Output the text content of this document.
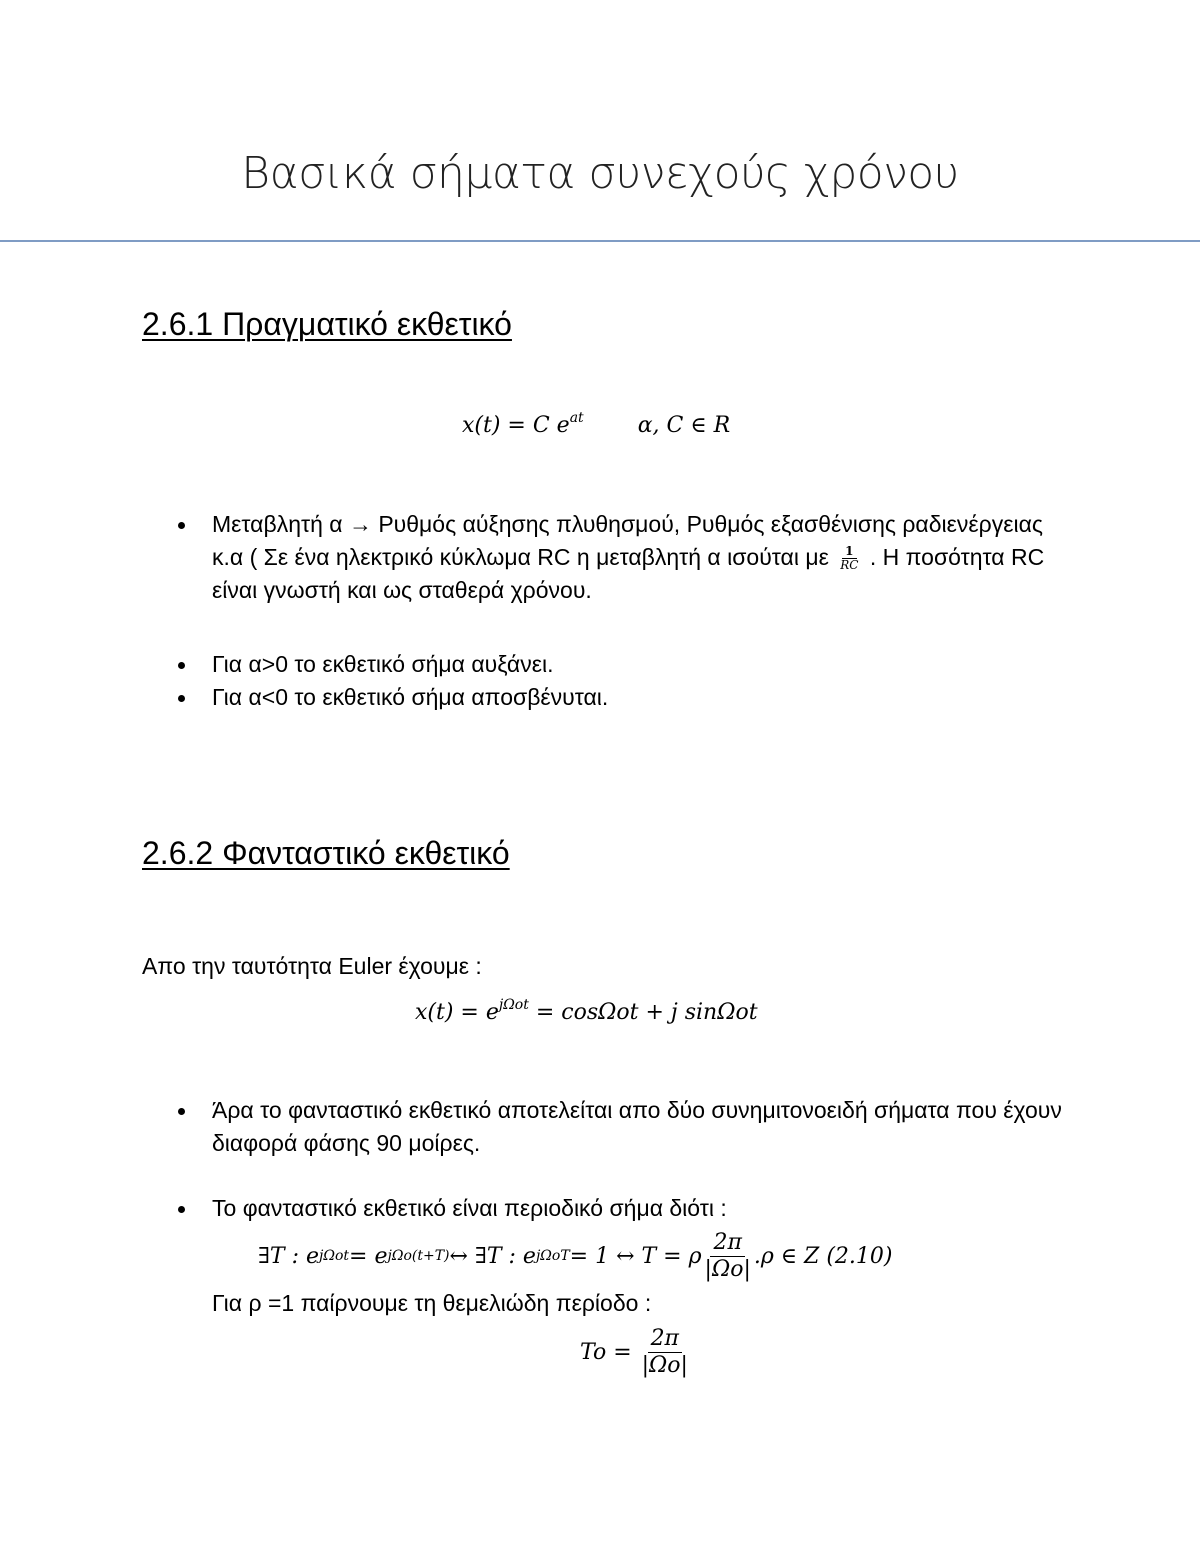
Βασικά σήματα συνεχούς χρόνου
2.6.1 Πραγματικό εκθετικό
x(t) = C $e^{at}$ α, C ∈ R
Μεταβλητή α → Ρυθμός αύξησης πλυθησμού, Ρυθμός εξασθένισης ραδιενέργειας κ.α ( Σε ένα ηλεκτρικό κύκλωμα RC η μεταβλητή α ισούται με $\frac{1}{RC}$ . Η ποσότητα RC είναι γνωστή και ως σταθερά χρόνου.
Για α>0 το εκθετικό σήμα αυξάνει.
Για α<0 το εκθετικό σήμα αποσβένυται.
2.6.2 Φανταστικό εκθετικό
Απο την ταυτότητα Euler έχουμε :
$x(t) = e^{j\Omega ot} = \cos\Omega ot + j$ sinΩot
Άρα το φανταστικό εκθετικό αποτελείται απο δύο συνημιτονοειδή σήματα που έχουν διαφορά φάσης 90 μοίρες.
Το φανταστικό εκθετικό είναι περιοδικό σήμα διότι :
∃T : e jΩot = e jΩo(t+T) ↔ ∃T : e jΩoT = 1 ↔ T = ρ $\frac{2\pi}{|\Omega o|} .\rho$ ∈ Z (2.10)
Για ρ =1 παίρνουμε τη θεμελιώδη περίοδο :
To =
$\frac{2\pi}{|\Omega o|}$
